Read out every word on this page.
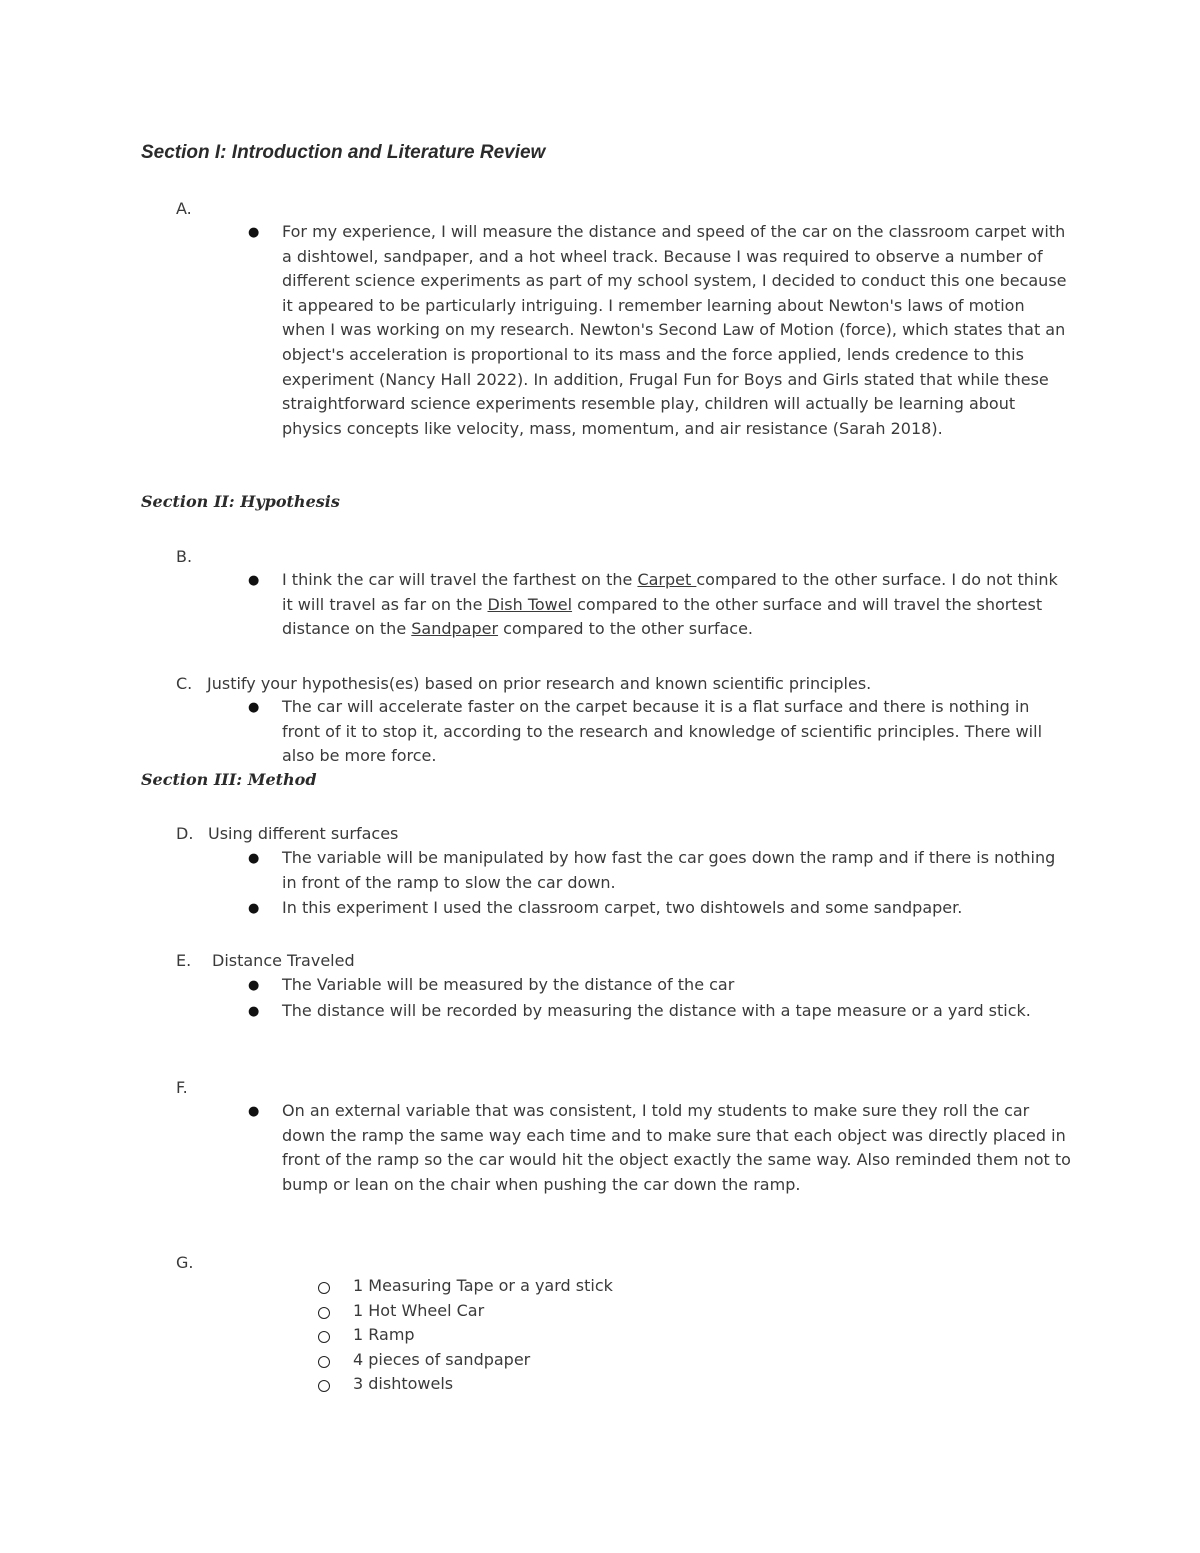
Section I: Introduction and Literature Review
A.
● For my experience, I will measure the distance and speed of the car on the classroom carpet with a dishtowel, sandpaper, and a hot wheel track. Because I was required to observe a number of different science experiments as part of my school system, I decided to conduct this one because it appeared to be particularly intriguing. I remember learning about Newton's laws of motion when I was working on my research. Newton's Second Law of Motion (force), which states that an object's acceleration is proportional to its mass and the force applied, lends credence to this experiment (Nancy Hall 2022). In addition, Frugal Fun for Boys and Girls stated that while these straightforward science experiments resemble play, children will actually be learning about physics concepts like velocity, mass, momentum, and air resistance (Sarah 2018).
Section II: Hypothesis
B.
● I think the car will travel the farthest on the Carpet compared to the other surface. I do not think it will travel as far on the Dish Towel compared to the other surface and will travel the shortest distance on the Sandpaper compared to the other surface.
C. Justify your hypothesis(es) based on prior research and known scientific principles.
● The car will accelerate faster on the carpet because it is a flat surface and there is nothing in front of it to stop it, according to the research and knowledge of scientific principles. There will also be more force.
Section III: Method
D. Using different surfaces
● The variable will be manipulated by how fast the car goes down the ramp and if there is nothing in front of the ramp to slow the car down.
● In this experiment I used the classroom carpet, two dishtowels and some sandpaper.
E. Distance Traveled
● The Variable will be measured by the distance of the car
● The distance will be recorded by measuring the distance with a tape measure or a yard stick.
F.
● On an external variable that was consistent, I told my students to make sure they roll the car down the ramp the same way each time and to make sure that each object was directly placed in front of the ramp so the car would hit the object exactly the same way. Also reminded them not to bump or lean on the chair when pushing the car down the ramp.
G.
1 Measuring Tape or a yard stick
1 Hot Wheel Car
1 Ramp
4 pieces of sandpaper
3 dishtowels
